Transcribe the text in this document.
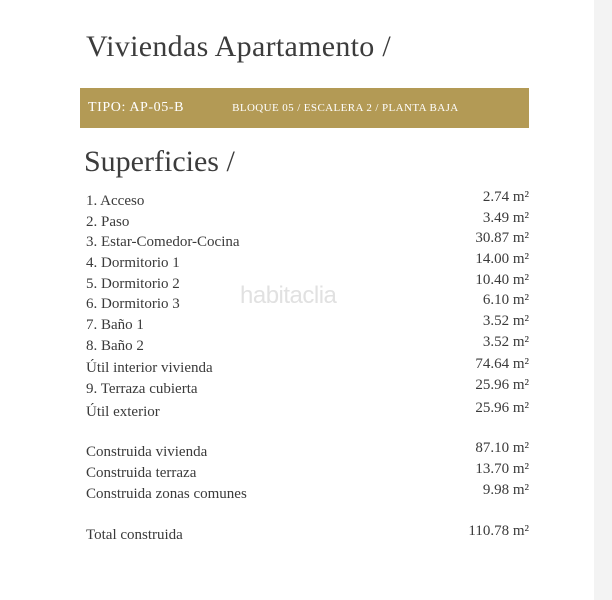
Viviendas Apartamento /
TIPO: AP-05-B	BLOQUE 05 / ESCALERA 2 / PLANTA BAJA
Superficies /
1. Acceso	2.74 m²
2. Paso	3.49 m²
3. Estar-Comedor-Cocina	30.87 m²
4. Dormitorio 1	14.00 m²
5. Dormitorio 2	10.40 m²
6. Dormitorio 3	6.10 m²
7. Baño 1	3.52 m²
8. Baño 2	3.52 m²
Útil interior vivienda	74.64 m²
9. Terraza cubierta	25.96 m²
Útil exterior	25.96 m²
Construida vivienda	87.10 m²
Construida terraza	13.70 m²
Construida zonas comunes	9.98 m²
Total construida	110.78 m²
habitaclia
